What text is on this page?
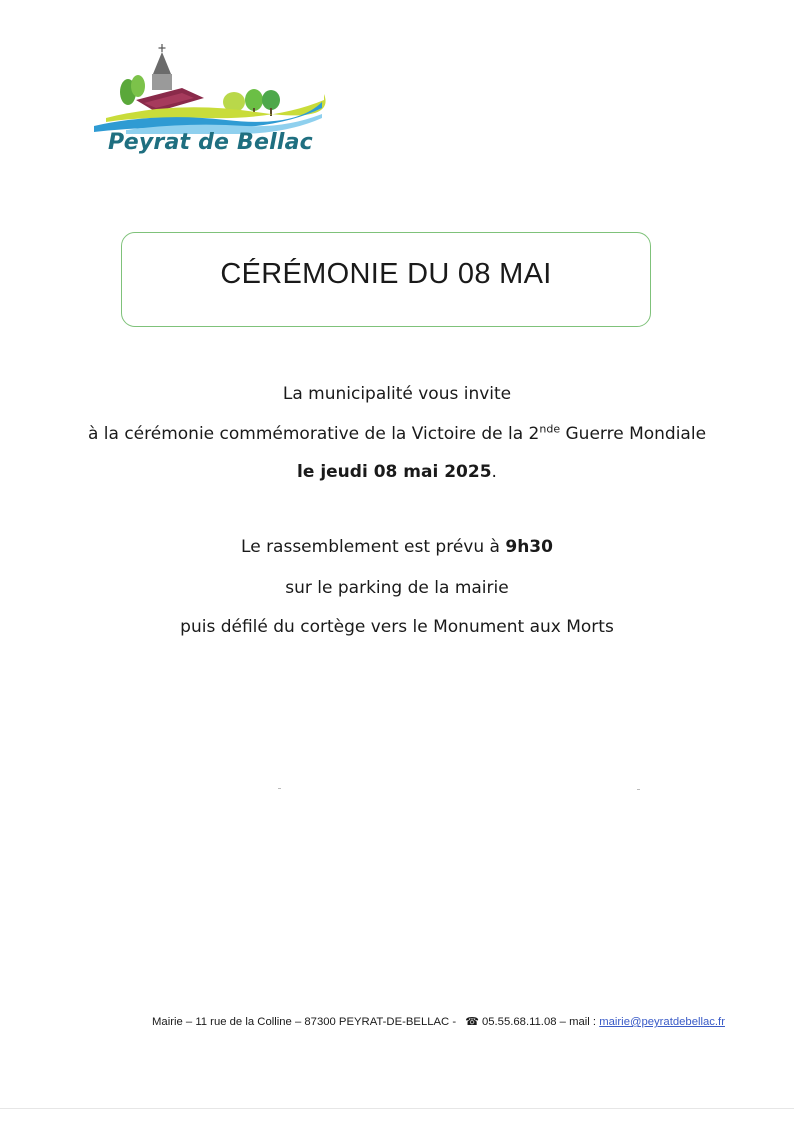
Peyrat de Bellac
CÉRÉMONIE DU 08 MAI
La municipalité vous invite
à la cérémonie commémorative de la Victoire de la 2nde Guerre Mondiale
le jeudi 08 mai 2025.
Le rassemblement est prévu à 9h30
sur le parking de la mairie
puis défilé du cortège vers le Monument aux Morts
Mairie – 11 rue de la Colline – 87300 PEYRAT-DE-BELLAC - ☎ 05.55.68.11.08 – mail : mairie@peyratdebellac.fr
